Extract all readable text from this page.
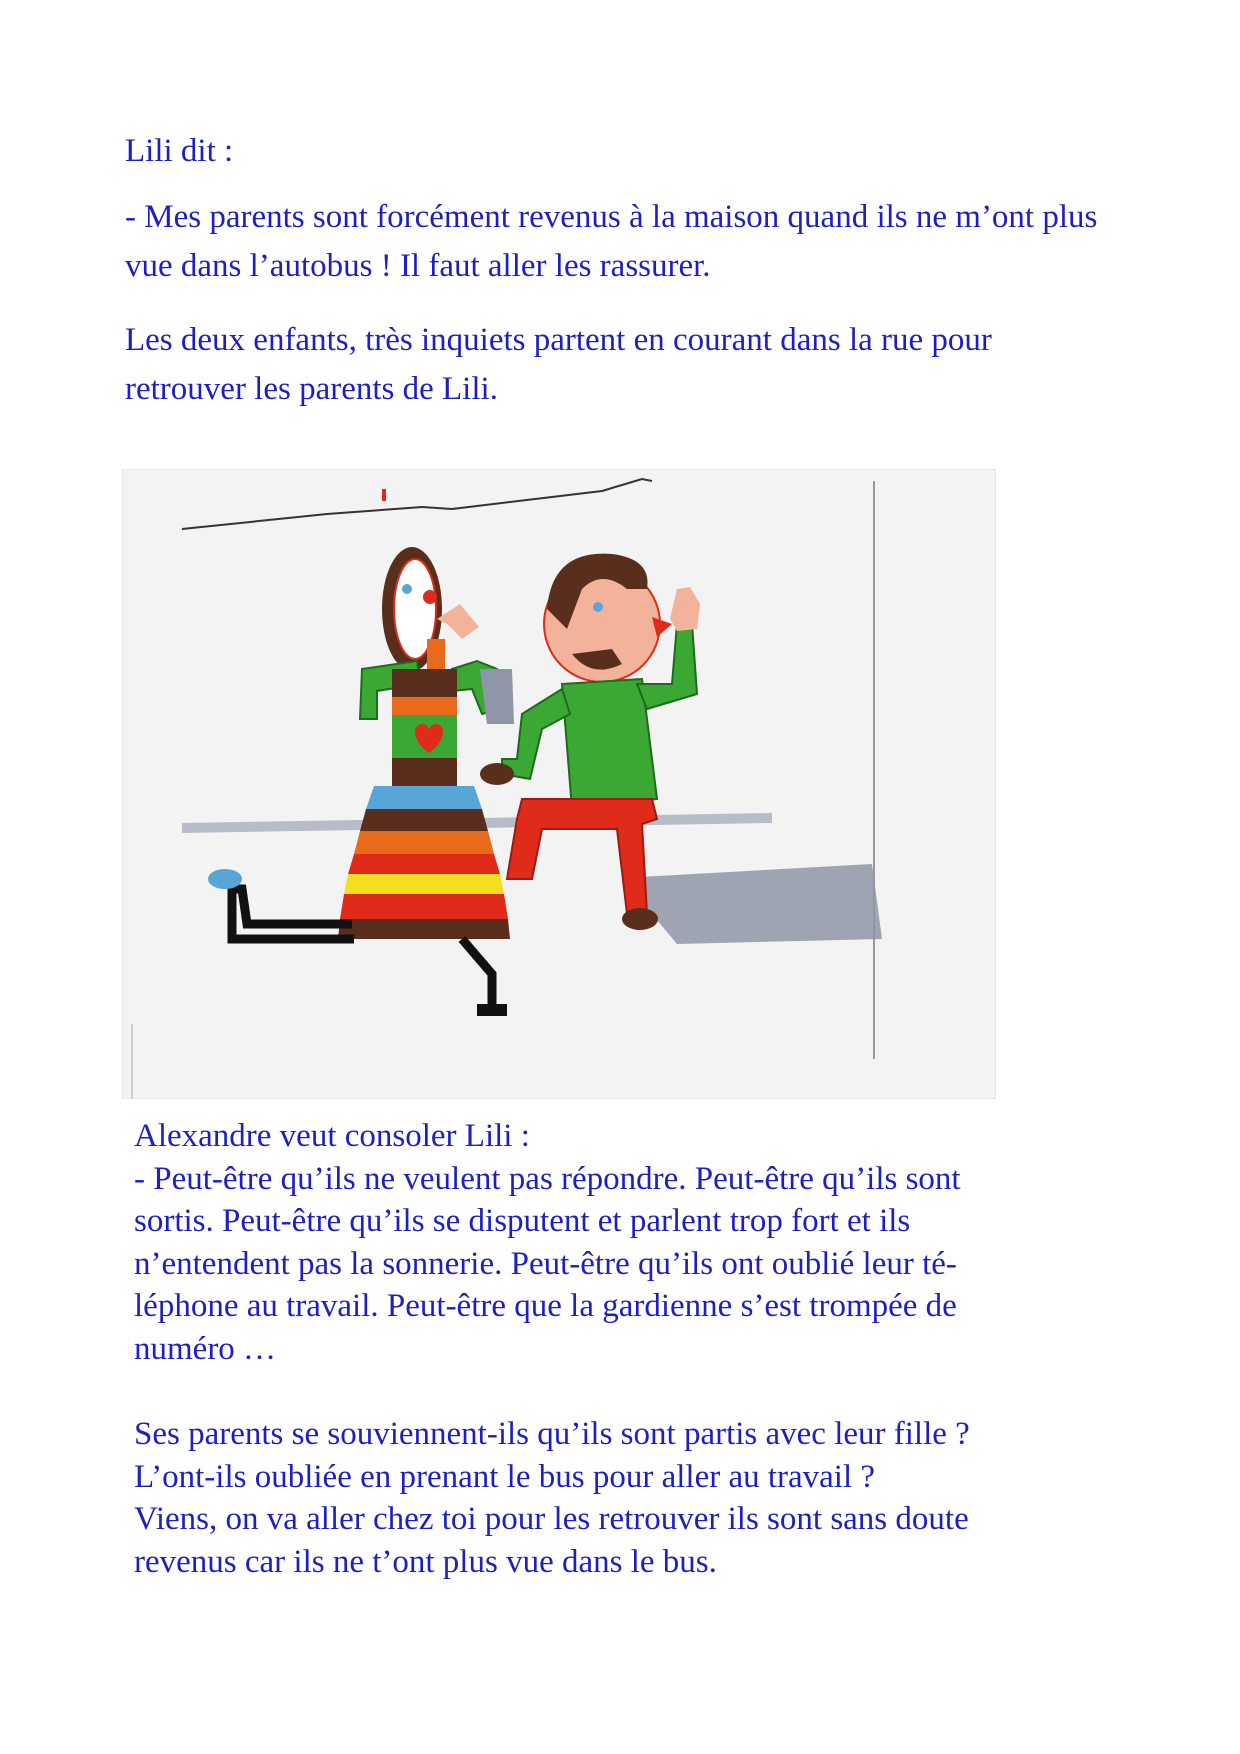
Lili dit :

- Mes parents sont forcément revenus à la maison quand ils ne m’ont plus vue dans l’autobus ! Il faut aller les rassurer.

Les deux enfants, très inquiets partent en courant dans la rue pour retrouver les parents de Lili.

Alexandre veut consoler Lili :
- Peut-être qu’ils ne veulent pas répondre. Peut-être qu’ils sont
sortis. Peut-être qu’ils se disputent et parlent trop fort et ils
n’entendent pas la sonnerie. Peut-être qu’ils ont oublié leur té-
léphone au travail. Peut-être que la gardienne s’est trompée de
numéro …
Ses parents se souviennent-ils qu’ils sont partis avec leur fille ?
L’ont-ils oubliée en prenant le bus pour aller au travail ?
Viens, on va aller chez toi pour les retrouver ils sont sans doute
revenus car ils ne t’ont plus vue dans le bus.
